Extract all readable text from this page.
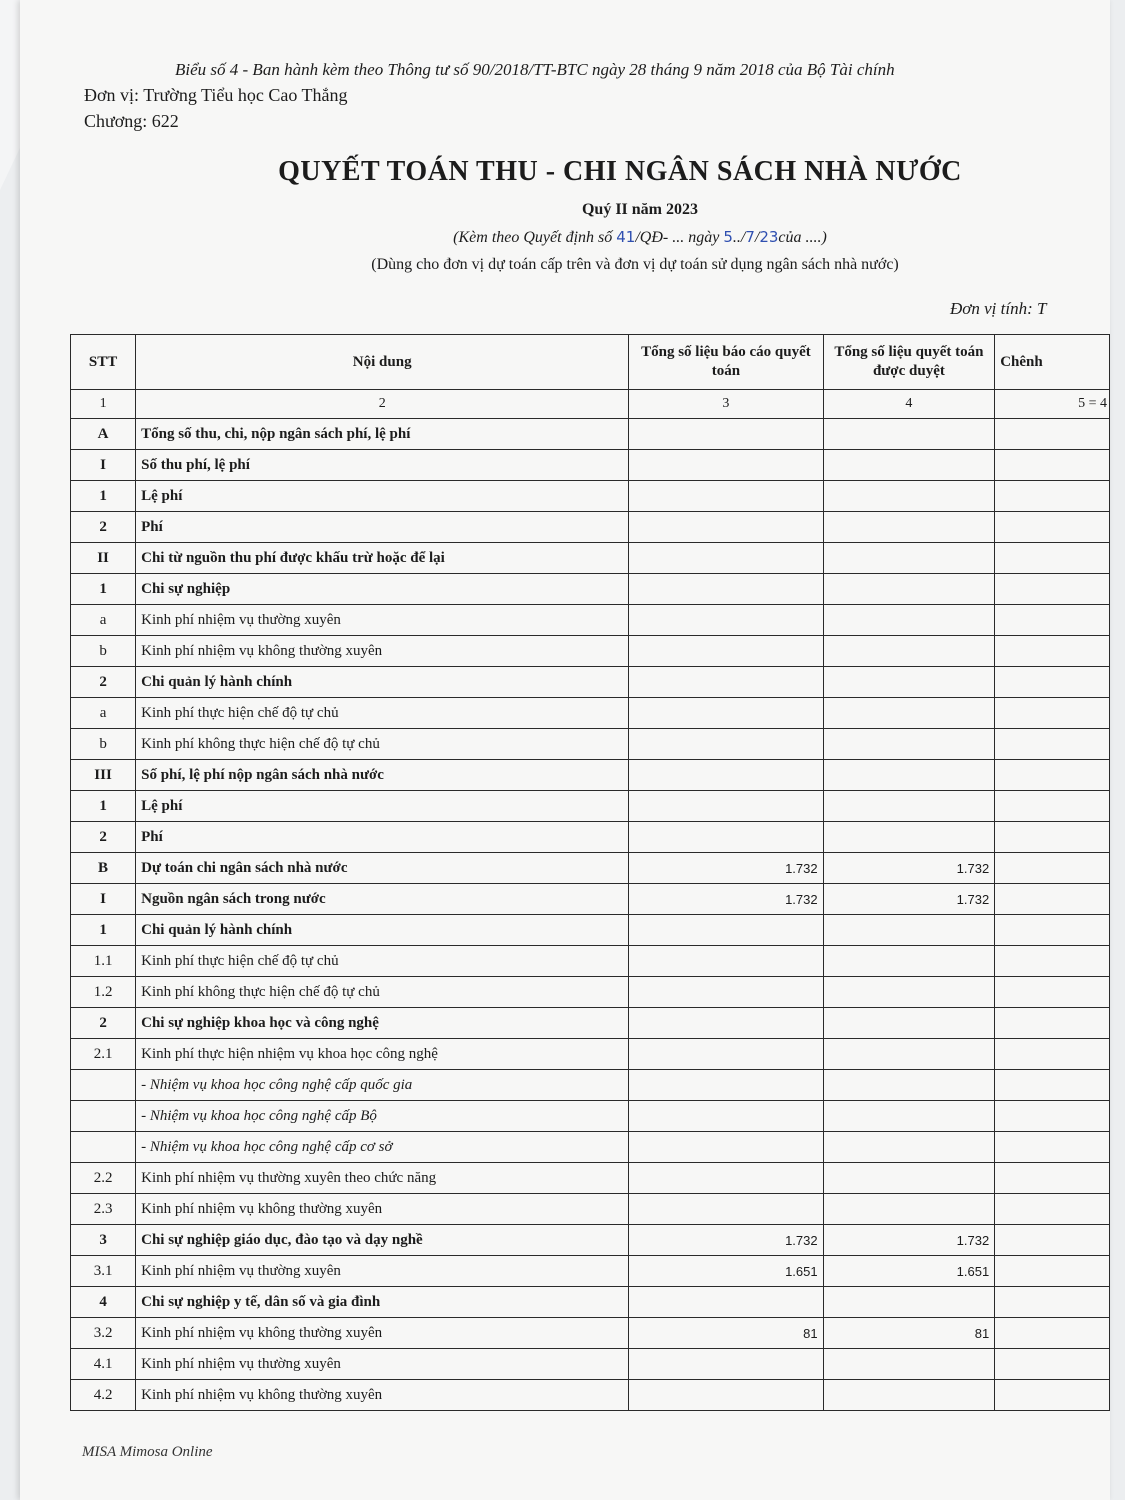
Biểu số 4 - Ban hành kèm theo Thông tư số 90/2018/TT-BTC ngày 28 tháng 9 năm 2018 của Bộ Tài chính
Đơn vị: Trường Tiểu học Cao Thắng
Chương: 622
QUYẾT TOÁN THU - CHI NGÂN SÁCH NHÀ NƯỚC
Quý II năm 2023
(Kèm theo Quyết định số 41/QĐ- ... ngày 5../7/23của ....)
(Dùng cho đơn vị dự toán cấp trên và đơn vị dự toán sử dụng ngân sách nhà nước)
Đơn vị tính: T
MISA Mimosa Online
STT	Nội dung	Tổng số liệu báo cáo quyết toán	Tổng số liệu quyết toán được duyệt	Chênh
1	2	3	4	5 = 4
A	Tổng số thu, chi, nộp ngân sách phí, lệ phí			
I	Số thu phí, lệ phí			
1	Lệ phí			
2	Phí			
II	Chi từ nguồn thu phí được khấu trừ hoặc để lại			
1	Chi sự nghiệp			
a	Kinh phí nhiệm vụ thường xuyên			
b	Kinh phí nhiệm vụ không thường xuyên			
2	Chi quản lý hành chính			
a	Kinh phí thực hiện chế độ tự chủ			
b	Kinh phí không thực hiện chế độ tự chủ			
III	Số phí, lệ phí nộp ngân sách nhà nước			
1	Lệ phí			
2	Phí			
B	Dự toán chi ngân sách nhà nước	1.732	1.732	
I	Nguồn ngân sách trong nước	1.732	1.732	
1	Chi quản lý hành chính			
1.1	Kinh phí thực hiện chế độ tự chủ			
1.2	Kinh phí không thực hiện chế độ tự chủ			
2	Chi sự nghiệp khoa học và công nghệ			
2.1	Kinh phí thực hiện nhiệm vụ khoa học công nghệ			
	- Nhiệm vụ khoa học công nghệ cấp quốc gia			
	- Nhiệm vụ khoa học công nghệ cấp Bộ			
	- Nhiệm vụ khoa học công nghệ cấp cơ sở			
2.2	Kinh phí nhiệm vụ thường xuyên theo chức năng			
2.3	Kinh phí nhiệm vụ không thường xuyên			
3	Chi sự nghiệp giáo dục, đào tạo và dạy nghề	1.732	1.732	
3.1	Kinh phí nhiệm vụ thường xuyên	1.651	1.651	
4	Chi sự nghiệp y tế, dân số và gia đình			
3.2	Kinh phí nhiệm vụ không thường xuyên	81	81	
4.1	Kinh phí nhiệm vụ thường xuyên			
4.2	Kinh phí nhiệm vụ không thường xuyên			
